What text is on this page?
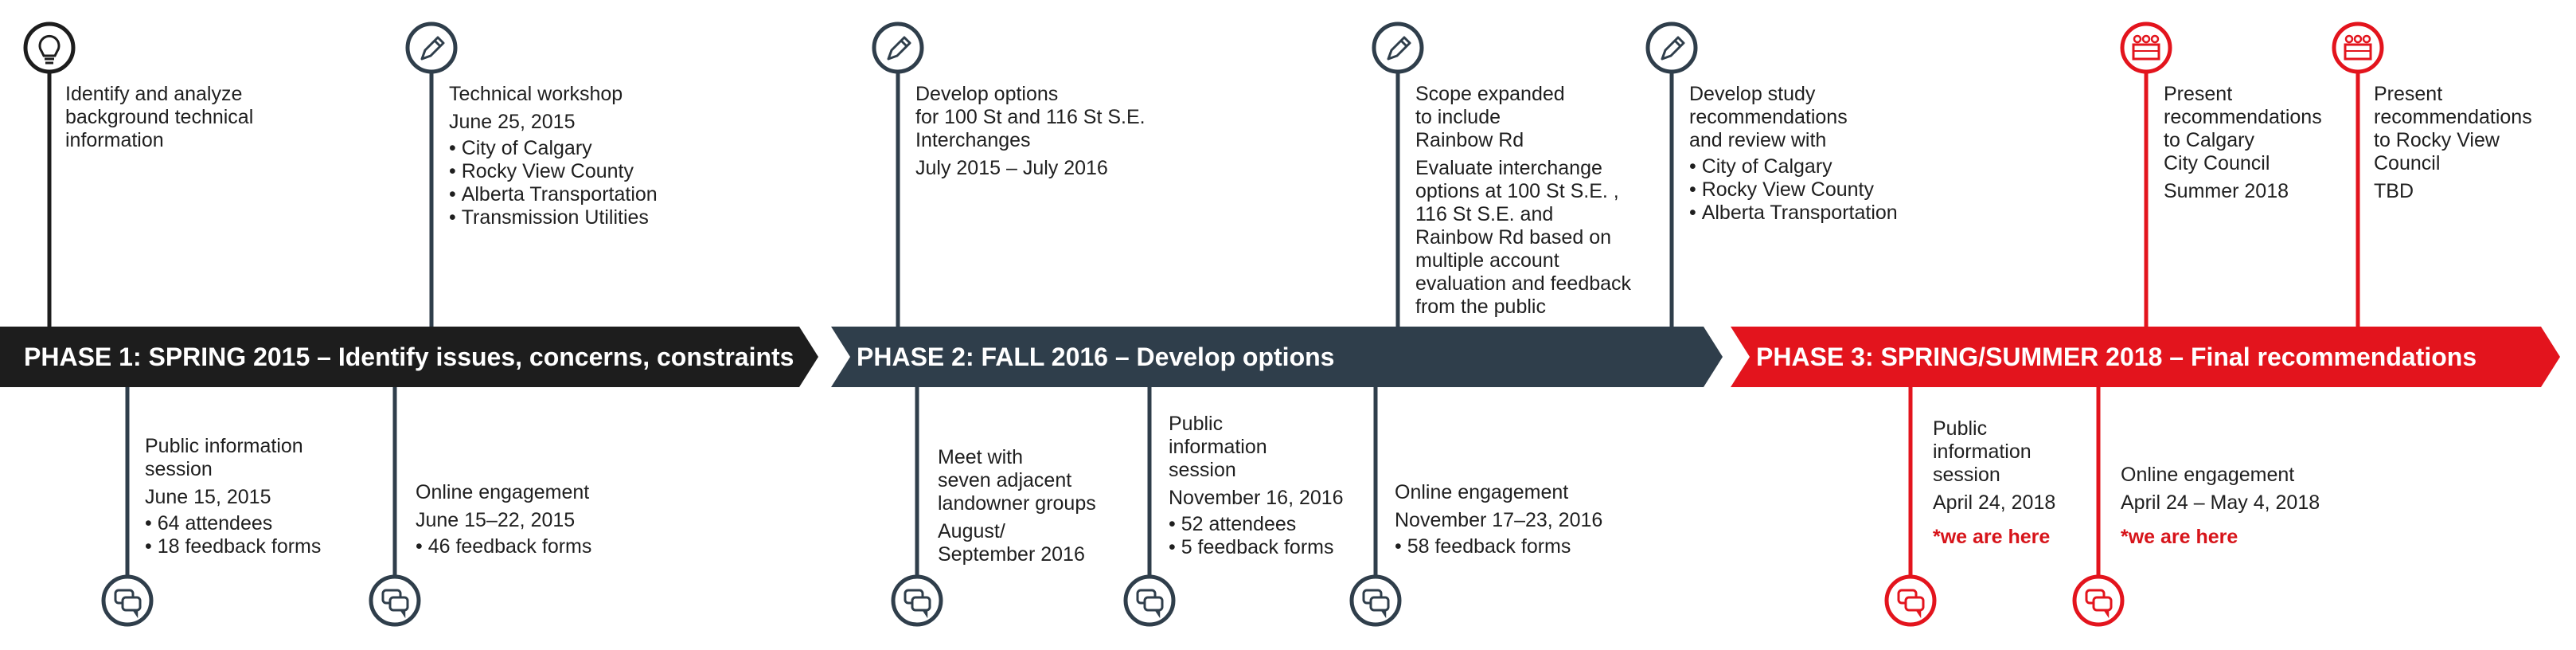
PHASE 1: SPRING 2015 – Identify issues, concerns, constraints	PHASE 2: FALL 2016 – Develop options	PHASE 3: SPRING/SUMMER 2018 – Final recommendations

Identify and analyze
background technical
information

Technical workshop

June 25, 2015

• City of Calgary
• Rocky View County
• Alberta Transportation
• Transmission Utilities

Develop options
for 100 St and 116 St S.E.
Interchanges

July 2015 – July 2016

Scope expanded
to include
Rainbow Rd

Evaluate interchange
options at 100 St S.E. ,
116 St S.E. and
Rainbow Rd based on
multiple account
evaluation and feedback
from the public

Develop study
recommendations
and review with

• City of Calgary
• Rocky View County
• Alberta Transportation

Present
recommendations
to Calgary
City Council

Summer 2018

Present
recommendations
to Rocky View
Council

TBD

Public information
session

June 15, 2015

• 64 attendees
• 18 feedback forms

Online engagement

June 15–22, 2015

• 46 feedback forms

Meet with
seven adjacent
landowner groups

August/
September 2016

Public
information
session

November 16, 2016

• 52 attendees
• 5 feedback forms

Online engagement

November 17–23, 2016

• 58 feedback forms

Public
information
session

April 24, 2018

*we are here

Online engagement

April 24 – May 4, 2018

*we are here
